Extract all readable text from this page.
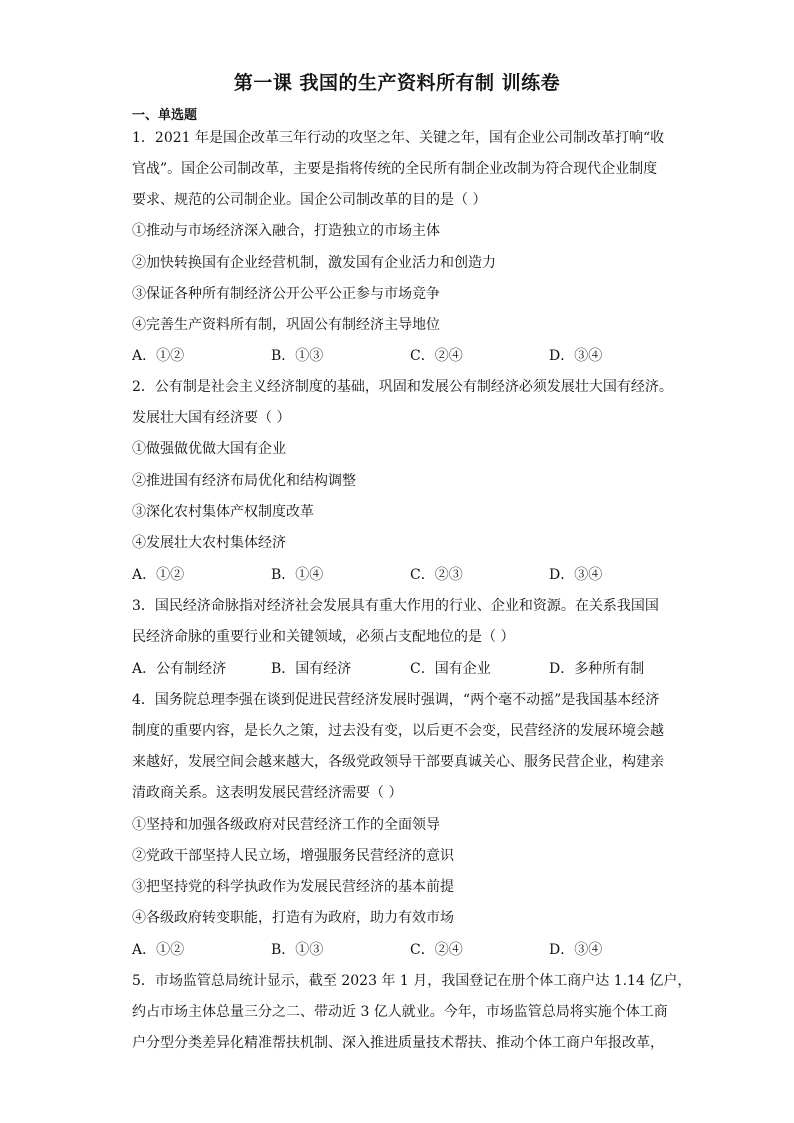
第一课 我国的生产资料所有制 训练卷
一、单选题
1．2021 年是国企改革三年行动的攻坚之年、关键之年，国有企业公司制改革打响“收
官战”。国企公司制改革，主要是指将传统的全民所有制企业改制为符合现代企业制度
要求、规范的公司制企业。国企公司制改革的目的是（ ）
①推动与市场经济深入融合，打造独立的市场主体
②加快转换国有企业经营机制，激发国有企业活力和创造力
③保证各种所有制经济公开公平公正参与市场竞争
④完善生产资料所有制，巩固公有制经济主导地位
A．①②	B．①③	C．②④	D．③④
2．公有制是社会主义经济制度的基础，巩固和发展公有制经济必须发展壮大国有经济。
发展壮大国有经济要（ ）
①做强做优做大国有企业
②推进国有经济布局优化和结构调整
③深化农村集体产权制度改革
④发展壮大农村集体经济
A．①②	B．①④	C．②③	D．③④
3．国民经济命脉指对经济社会发展具有重大作用的行业、企业和资源。在关系我国国
民经济命脉的重要行业和关键领域，必须占支配地位的是（ ）
A．公有制经济	B．国有经济	C．国有企业	D．多种所有制
4．国务院总理李强在谈到促进民营经济发展时强调，“两个毫不动摇”是我国基本经济
制度的重要内容，是长久之策，过去没有变，以后更不会变，民营经济的发展环境会越
来越好，发展空间会越来越大，各级党政领导干部要真诚关心、服务民营企业，构建亲
清政商关系。这表明发展民营经济需要（ ）
①坚持和加强各级政府对民营经济工作的全面领导
②党政干部坚持人民立场，增强服务民营经济的意识
③把坚持党的科学执政作为发展民营经济的基本前提
④各级政府转变职能，打造有为政府，助力有效市场
A．①②	B．①③	C．②④	D．③④
5．市场监管总局统计显示，截至 2023 年 1 月，我国登记在册个体工商户达 1.14 亿户，
约占市场主体总量三分之二、带动近 3 亿人就业。今年，市场监管总局将实施个体工商
户分型分类差异化精准帮扶机制、深入推进质量技术帮扶、推动个体工商户年报改革，
